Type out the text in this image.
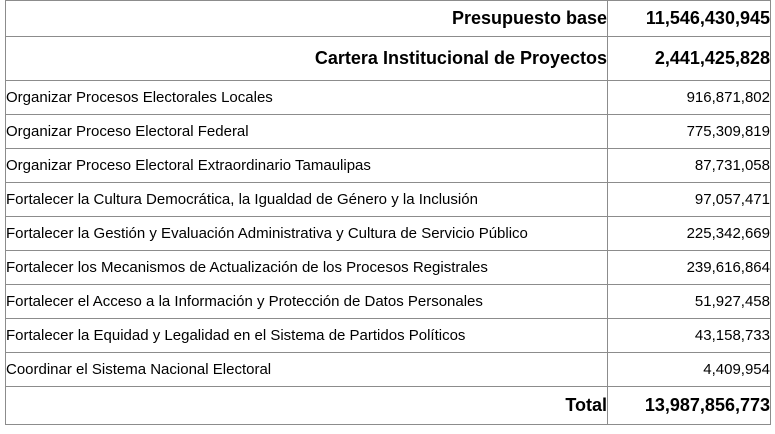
Presupuesto base	11,546,430,945
Cartera Institucional de Proyectos	2,441,425,828
Organizar Procesos Electorales Locales	916,871,802
Organizar Proceso Electoral Federal	775,309,819
Organizar Proceso Electoral Extraordinario Tamaulipas	87,731,058
Fortalecer la Cultura Democrática, la Igualdad de Género y la Inclusión	97,057,471
Fortalecer la Gestión y Evaluación Administrativa y Cultura de Servicio Público	225,342,669
Fortalecer los Mecanismos de Actualización de los Procesos Registrales	239,616,864
Fortalecer el Acceso a la Información y Protección de Datos Personales	51,927,458
Fortalecer la Equidad y Legalidad en el Sistema de Partidos Políticos	43,158,733
Coordinar el Sistema Nacional Electoral	4,409,954
Total	13,987,856,773
